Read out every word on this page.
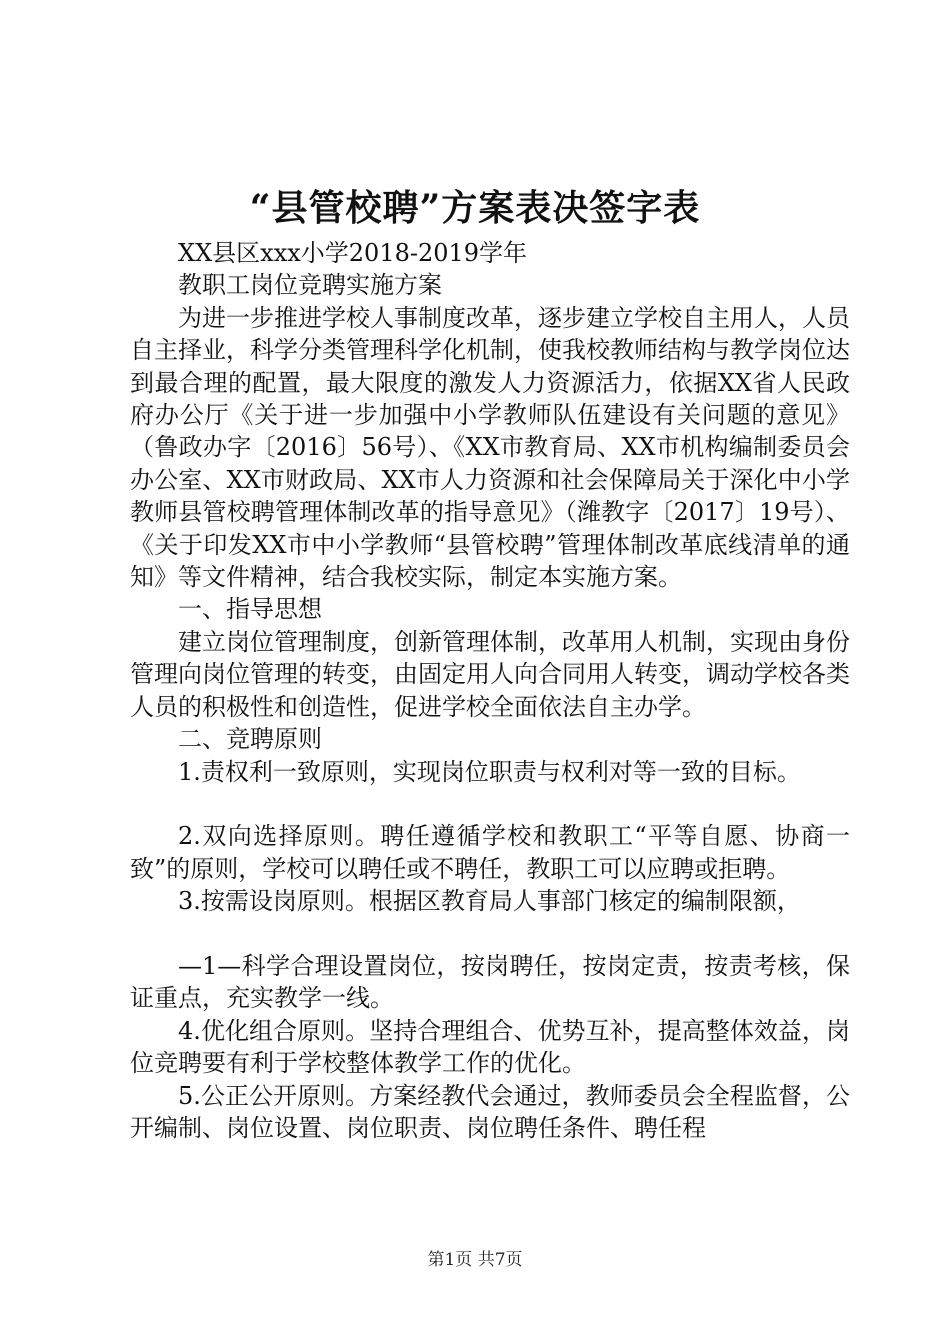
“县管校聘”方案表决签字表

XX县区xxx小学2018-2019学年

教职工岗位竞聘实施方案

为进一步推进学校人事制度改革，逐步建立学校自主用人，人员自主择业，科学分类管理科学化机制，使我校教师结构与教学岗位达到最合理的配置，最大限度的激发人力资源活力，依据XX省人民政府办公厅《关于进一步加强中小学教师队伍建设有关问题的意见》（鲁政办字〔2016〕56号）、《XX市教育局、XX市机构编制委员会办公室、XX市财政局、XX市人力资源和社会保障局关于深化中小学教师县管校聘管理体制改革的指导意见》（潍教字〔2017〕19号）、《关于印发XX市中小学教师“县管校聘”管理体制改革底线清单的通知》等文件精神，结合我校实际，制定本实施方案。

一、指导思想

建立岗位管理制度，创新管理体制，改革用人机制，实现由身份管理向岗位管理的转变，由固定用人向合同用人转变，调动学校各类人员的积极性和创造性，促进学校全面依法自主办学。

二、竞聘原则

1.责权利一致原则，实现岗位职责与权利对等一致的目标。

2.双向选择原则。聘任遵循学校和教职工“平等自愿、协商一致”的原则，学校可以聘任或不聘任，教职工可以应聘或拒聘。

3.按需设岗原则。根据区教育局人事部门核定的编制限额，

—1—科学合理设置岗位，按岗聘任，按岗定责，按责考核，保证重点，充实教学一线。

4.优化组合原则。坚持合理组合、优势互补，提高整体效益，岗位竞聘要有利于学校整体教学工作的优化。

5.公正公开原则。方案经教代会通过，教师委员会全程监督，公开编制、岗位设置、岗位职责、岗位聘任条件、聘任程

第1页 共7页
